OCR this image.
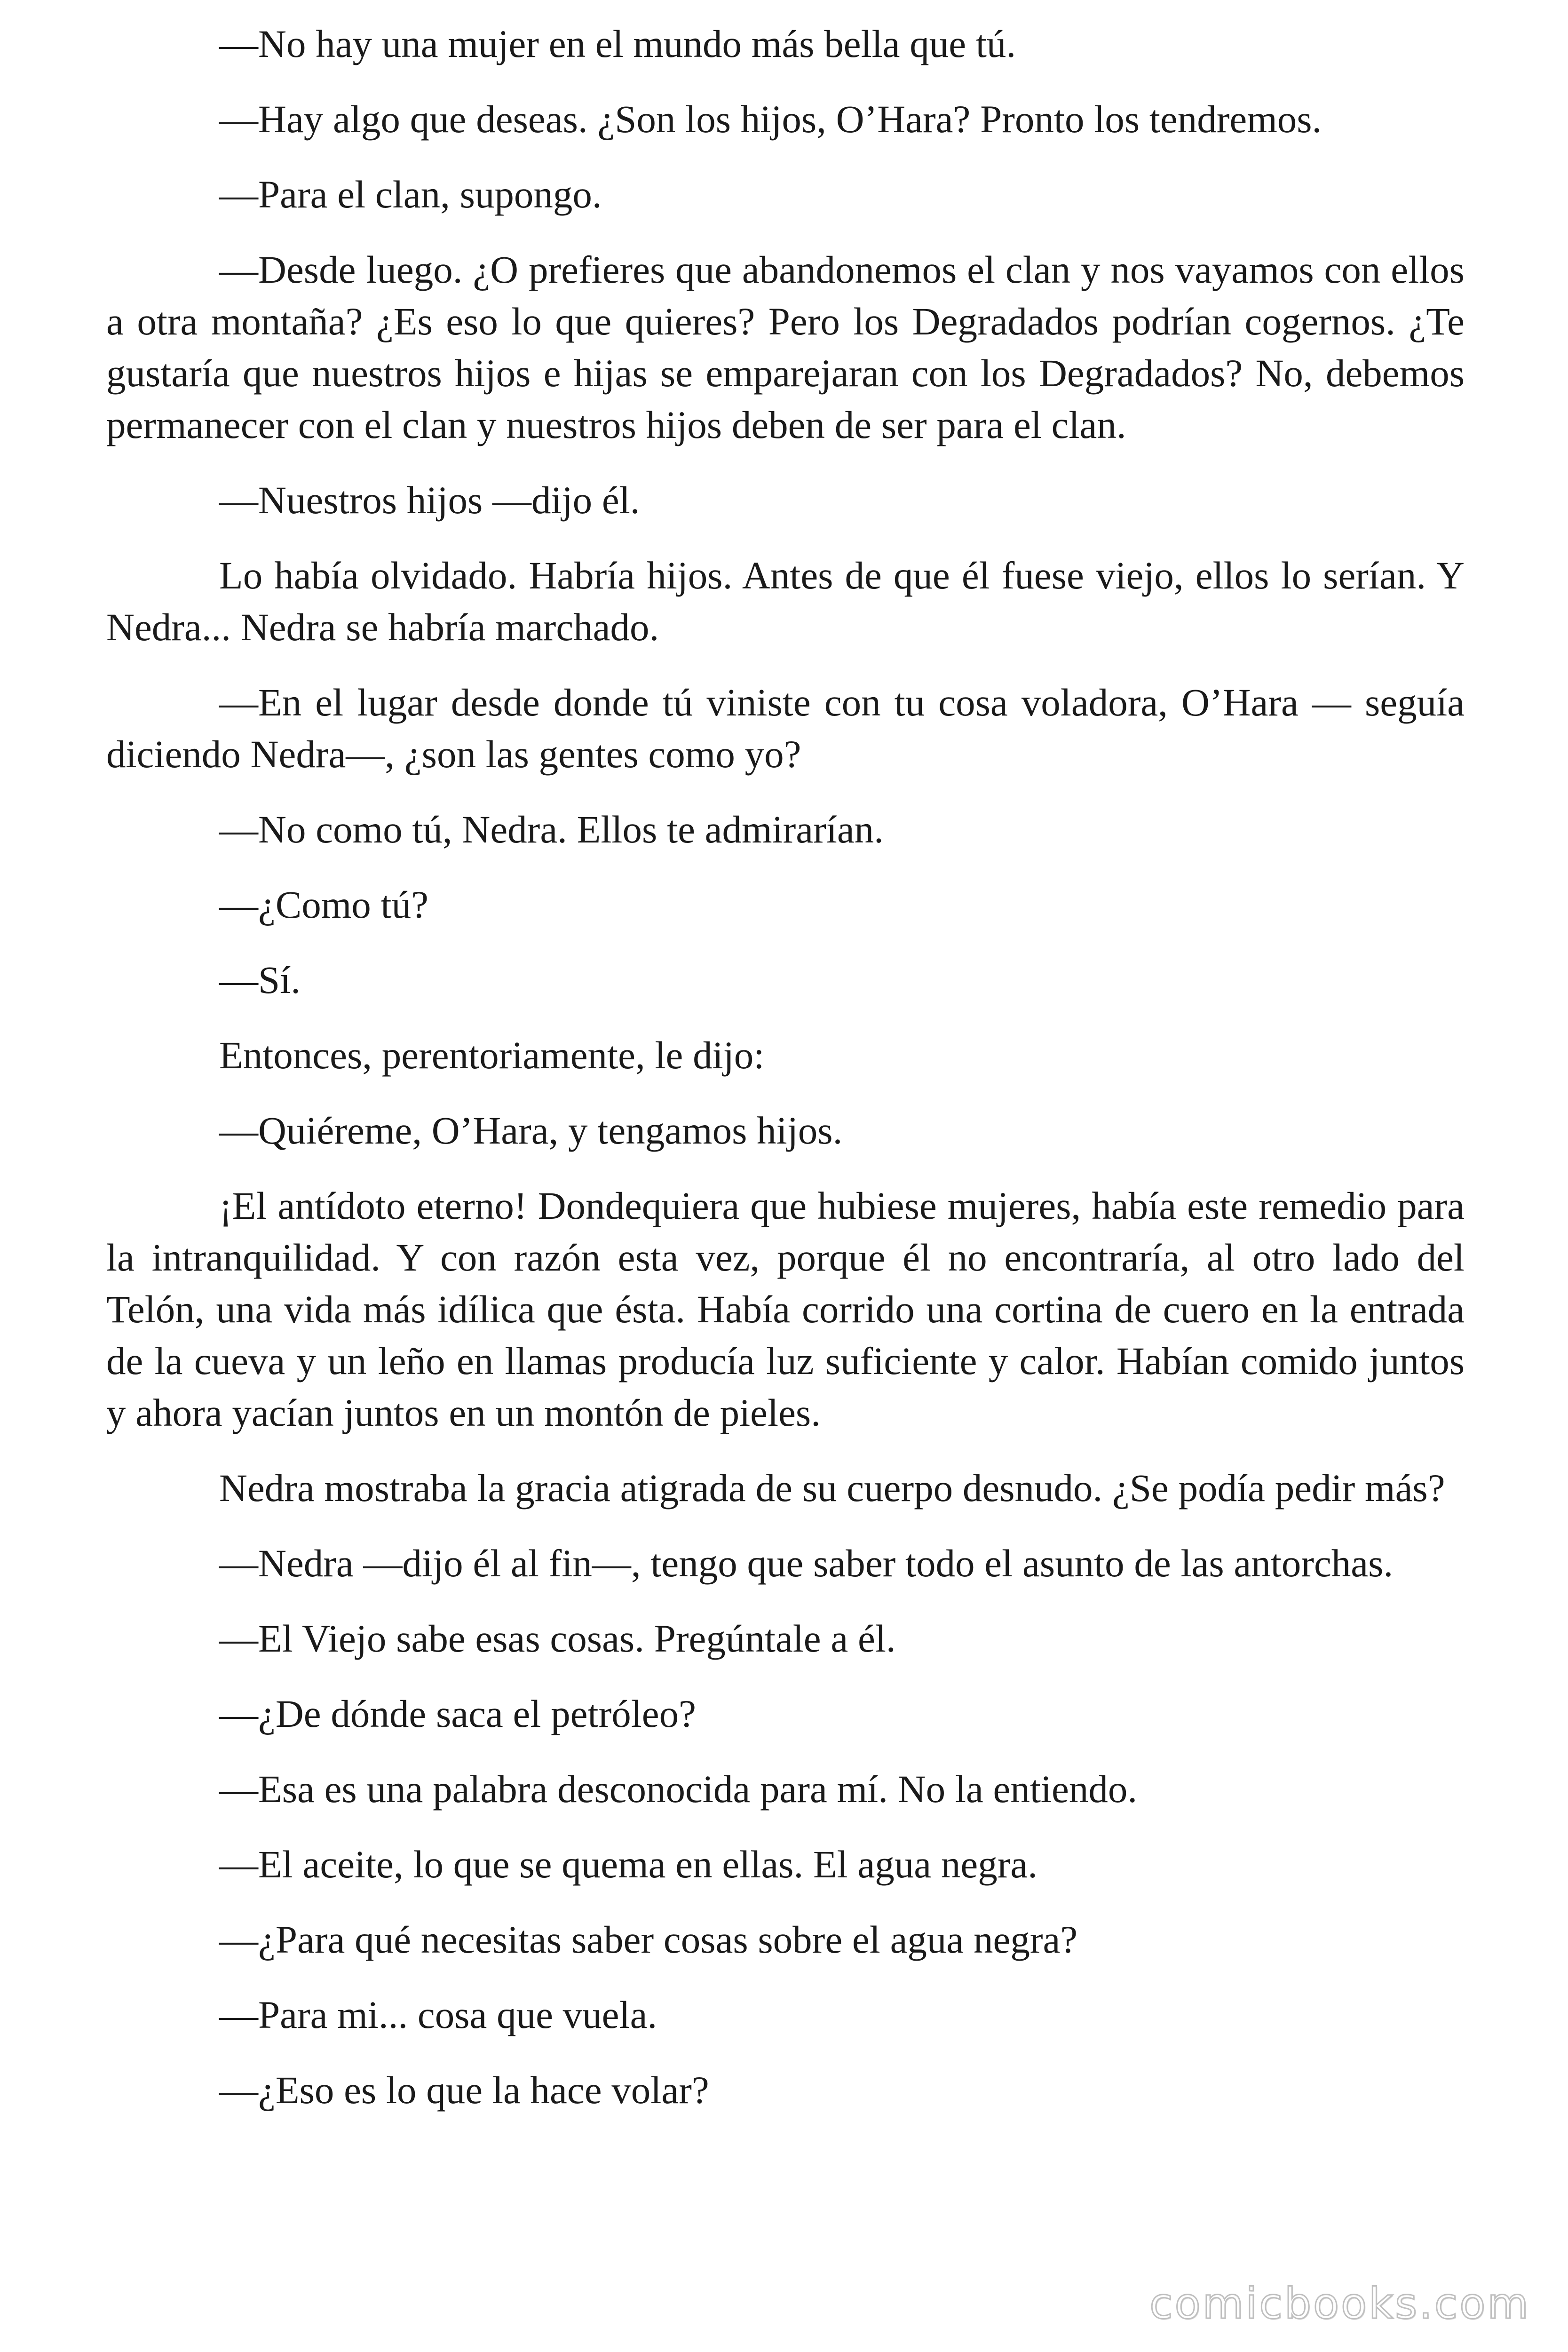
—No hay una mujer en el mundo más bella que tú.

—Hay algo que deseas. ¿Son los hijos, O’Hara? Pronto los tendremos.

—Para el clan, supongo.

—Desde luego. ¿O prefieres que abandonemos el clan y nos vayamos con ellos a otra montaña? ¿Es eso lo que quieres? Pero los Degradados podrían cogernos. ¿Te gustaría que nuestros hijos e hijas se emparejaran con los Degradados? No, debemos permanecer con el clan y nuestros hijos deben de ser para el clan.

—Nuestros hijos —dijo él.

Lo había olvidado. Habría hijos. Antes de que él fuese viejo, ellos lo serían. Y Nedra... Nedra se habría marchado.

—En el lugar desde donde tú viniste con tu cosa voladora, O’Hara — seguía diciendo Nedra—, ¿son las gentes como yo?

—No como tú, Nedra. Ellos te admirarían.

—¿Como tú?

—Sí.

Entonces, perentoriamente, le dijo:

—Quiéreme, O’Hara, y tengamos hijos.

¡El antídoto eterno! Dondequiera que hubiese mujeres, había este remedio para la intranquilidad. Y con razón esta vez, porque él no encontraría, al otro lado del Telón, una vida más idílica que ésta. Había corrido una cortina de cuero en la entrada de la cueva y un leño en llamas producía luz suficiente y calor. Habían comido juntos y ahora yacían juntos en un montón de pieles.

Nedra mostraba la gracia atigrada de su cuerpo desnudo. ¿Se podía pedir más?

—Nedra —dijo él al fin—, tengo que saber todo el asunto de las antorchas.

—El Viejo sabe esas cosas. Pregúntale a él.

—¿De dónde saca el petróleo?

—Esa es una palabra desconocida para mí. No la entiendo.

—El aceite, lo que se quema en ellas. El agua negra.

—¿Para qué necesitas saber cosas sobre el agua negra?

—Para mi... cosa que vuela.

—¿Eso es lo que la hace volar?

comicbooks.com
